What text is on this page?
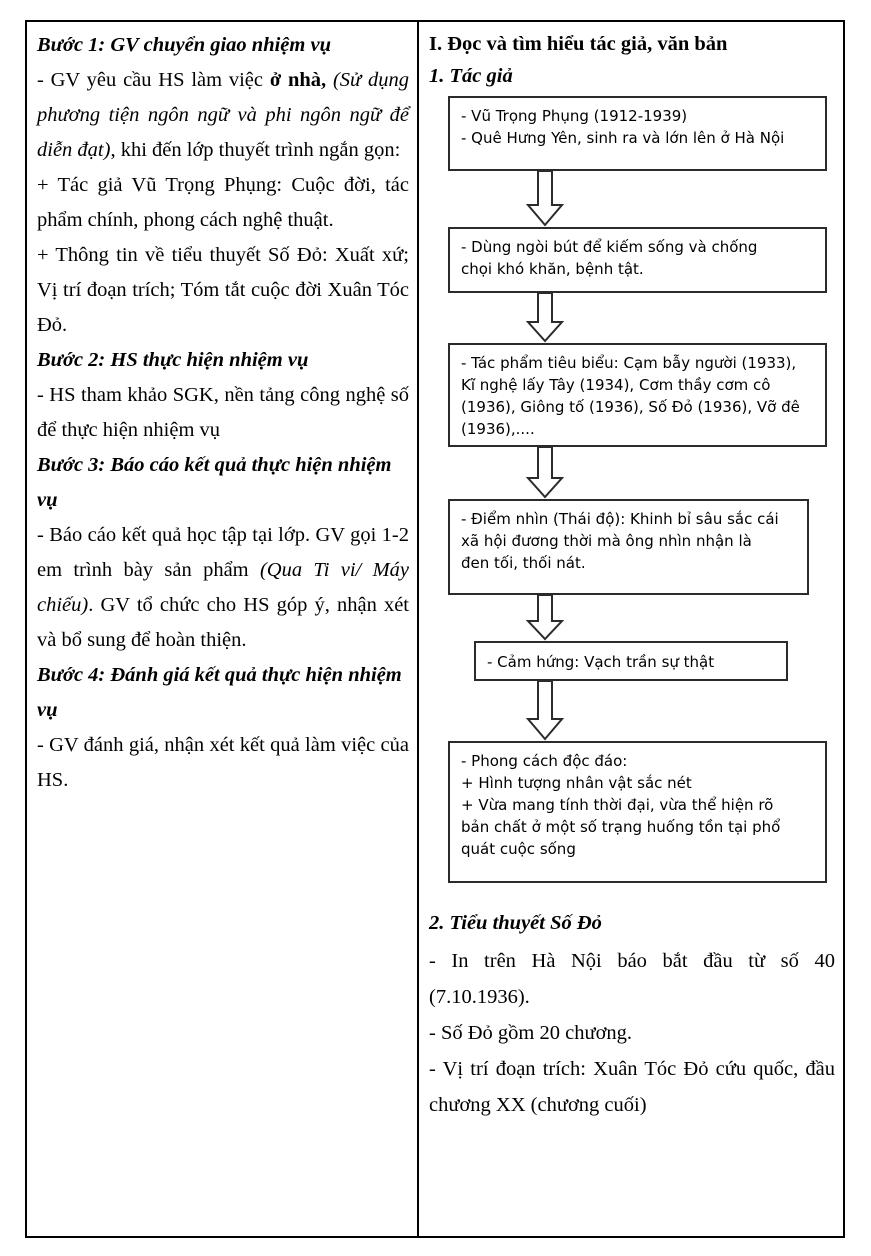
Bước 1: GV chuyển giao nhiệm vụ

- GV yêu cầu HS làm việc ở nhà, (Sử dụng phương tiện ngôn ngữ và phi ngôn ngữ để diễn đạt), khi đến lớp thuyết trình ngắn gọn:

+ Tác giả Vũ Trọng Phụng: Cuộc đời, tác phẩm chính, phong cách nghệ thuật.

+ Thông tin về tiểu thuyết Số Đỏ: Xuất xứ; Vị trí đoạn trích; Tóm tắt cuộc đời Xuân Tóc Đỏ.

Bước 2: HS thực hiện nhiệm vụ

- HS tham khảo SGK, nền tảng công nghệ số để thực hiện nhiệm vụ

Bước 3: Báo cáo kết quả thực hiện nhiệm vụ

- Báo cáo kết quả học tập tại lớp. GV gọi 1-2 em trình bày sản phẩm (Qua Ti vi/ Máy chiếu). GV tổ chức cho HS góp ý, nhận xét và bổ sung để hoàn thiện.

Bước 4: Đánh giá kết quả thực hiện nhiệm vụ

- GV đánh giá, nhận xét kết quả làm việc của HS.

I. Đọc và tìm hiểu tác giả, văn bản

1. Tác giả

- Vũ Trọng Phụng (1912-1939)
- Quê Hưng Yên, sinh ra và lớn lên ở Hà Nội
- Dùng ngòi bút để kiếm sống và chống
chọi khó khăn, bệnh tật.
- Tác phẩm tiêu biểu: Cạm bẫy người (1933),
Kĩ nghệ lấy Tây (1934), Cơm thầy cơm cô
(1936), Giông tố (1936), Số Đỏ (1936), Vỡ đê
(1936),....
- Điểm nhìn (Thái độ): Khinh bỉ sâu sắc cái
xã hội đương thời mà ông nhìn nhận là
đen tối, thối nát.
- Cảm hứng: Vạch trần sự thật
- Phong cách độc đáo:
+ Hình tượng nhân vật sắc nét
+ Vừa mang tính thời đại, vừa thể hiện rõ
bản chất ở một số trạng huống tồn tại phổ
quát cuộc sống

2. Tiểu thuyết Số Đỏ

- In trên Hà Nội báo bắt đầu từ số 40 (7.10.1936).

- Số Đỏ gồm 20 chương.

- Vị trí đoạn trích: Xuân Tóc Đỏ cứu quốc, đầu chương XX (chương cuối)
